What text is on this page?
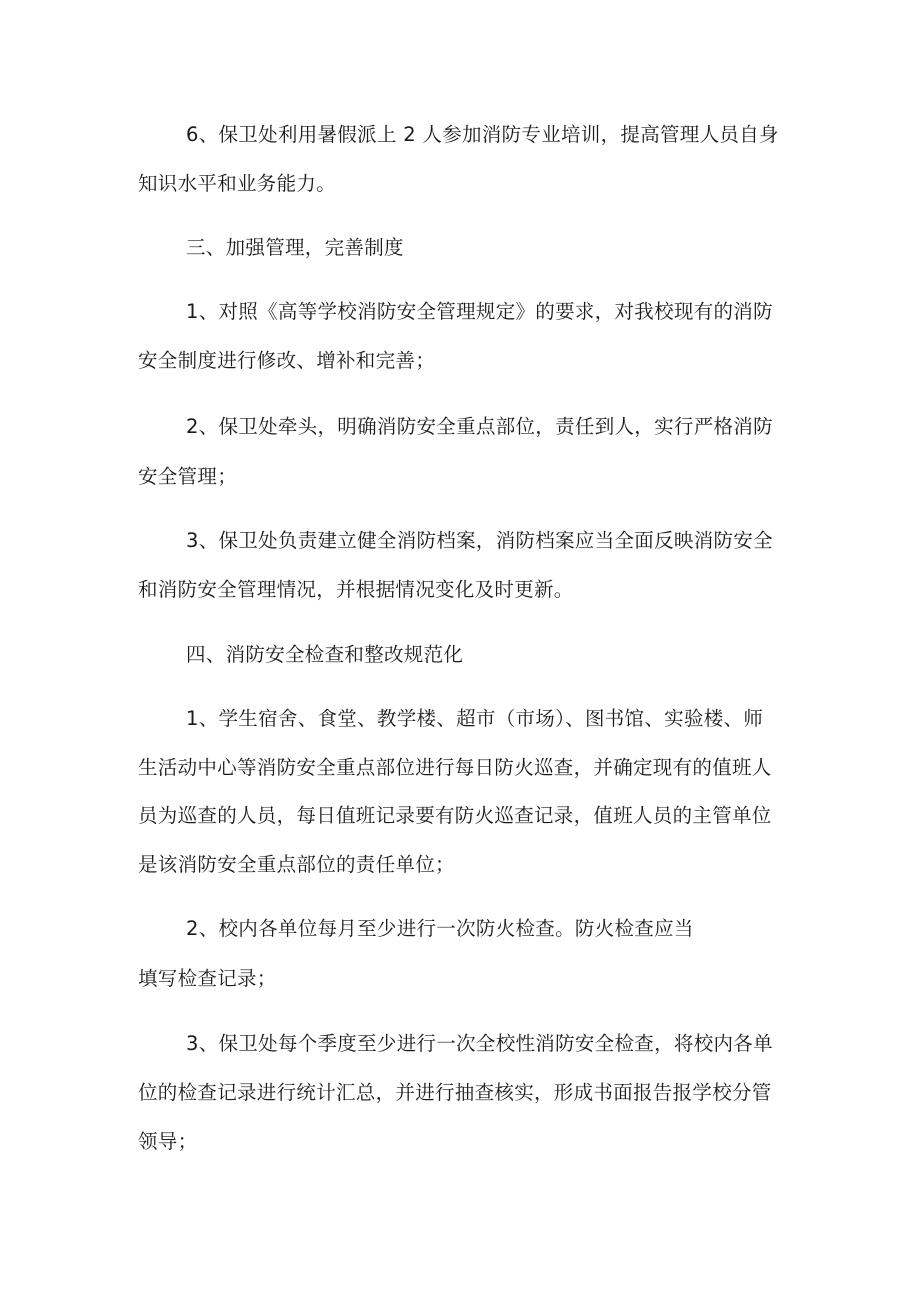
6、保卫处利用暑假派上 2 人参加消防专业培训，提高管理人员自身
知识水平和业务能力。
三、加强管理，完善制度
1、对照《高等学校消防安全管理规定》的要求，对我校现有的消防
安全制度进行修改、增补和完善；
2、保卫处牵头，明确消防安全重点部位，责任到人，实行严格消防
安全管理；
3、保卫处负责建立健全消防档案，消防档案应当全面反映消防安全
和消防安全管理情况，并根据情况变化及时更新。
四、消防安全检查和整改规范化
1、学生宿舍、食堂、教学楼、超市（市场）、图书馆、实验楼、师
生活动中心等消防安全重点部位进行每日防火巡查，并确定现有的值班人
员为巡查的人员，每日值班记录要有防火巡查记录，值班人员的主管单位
是该消防安全重点部位的责任单位；
2、校内各单位每月至少进行一次防火检查。防火检查应当
填写检查记录；
3、保卫处每个季度至少进行一次全校性消防安全检查，将校内各单
位的检查记录进行统计汇总，并进行抽查核实，形成书面报告报学校分管
领导；
